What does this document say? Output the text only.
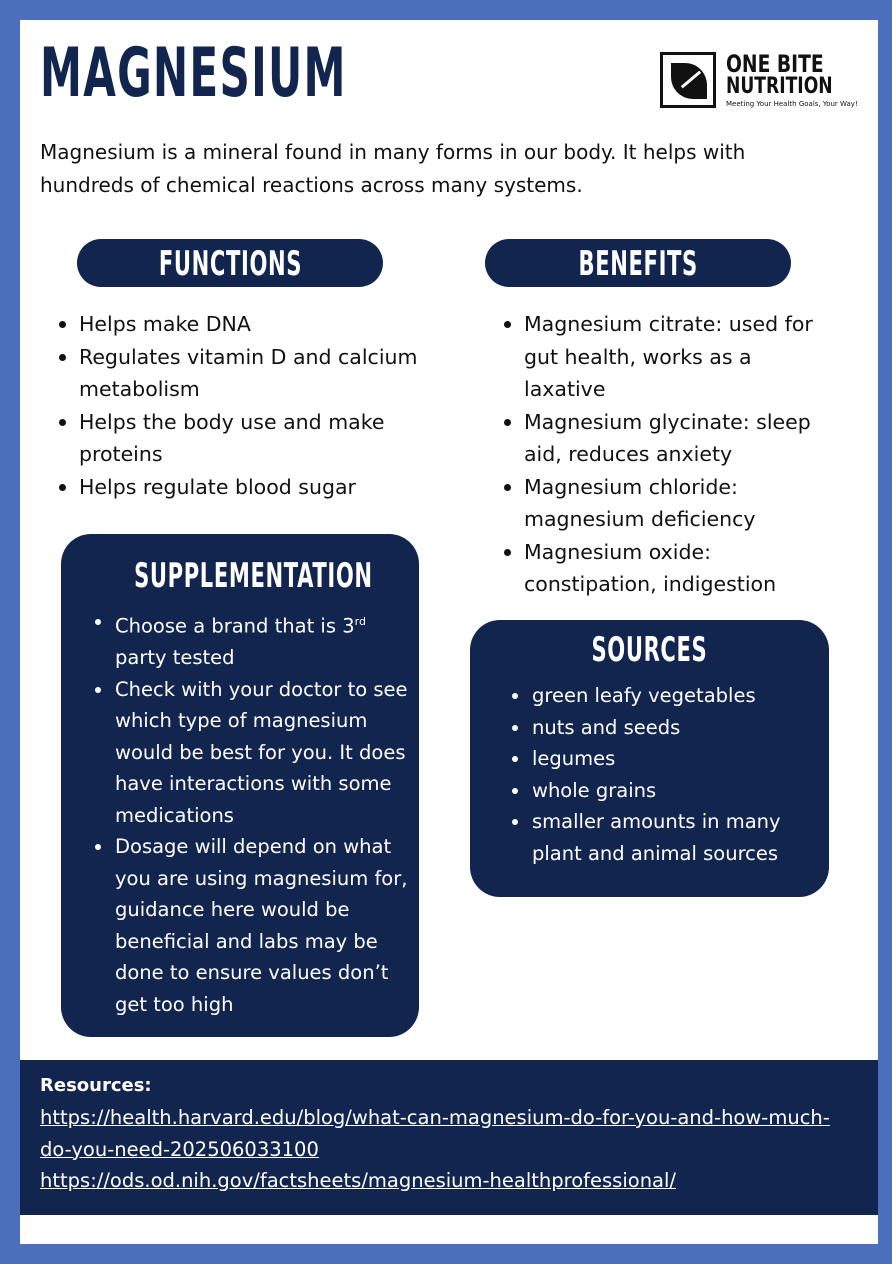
MAGNESIUM	ONE BITE
NUTRITION
Meeting Your Health Goals, Your Way!

Magnesium is a mineral found in many forms in our body. It helps with hundreds of chemical reactions across many systems.

FUNCTIONS
Helps make DNA
Regulates vitamin D and calcium metabolism
Helps the body use and make proteins
Helps regulate blood sugar
BENEFITS
Magnesium citrate: used for gut health, works as a laxative
Magnesium glycinate: sleep aid, reduces anxiety
Magnesium chloride: magnesium deficiency
Magnesium oxide: constipation, indigestion
SUPPLEMENTATION
Choose a brand that is 3rd party tested
Check with your doctor to see which type of magnesium would be best for you. It does have interactions with some medications
Dosage will depend on what you are using magnesium for, guidance here would be beneficial and labs may be done to ensure values don’t get too high
SOURCES
green leafy vegetables
nuts and seeds
legumes
whole grains
smaller amounts in many plant and animal sources
Resources:
https://health.harvard.edu/blog/what-can-magnesium-do-for-you-and-how-much-do-you-need-202506033100
https://ods.od.nih.gov/factsheets/magnesium-healthprofessional/
